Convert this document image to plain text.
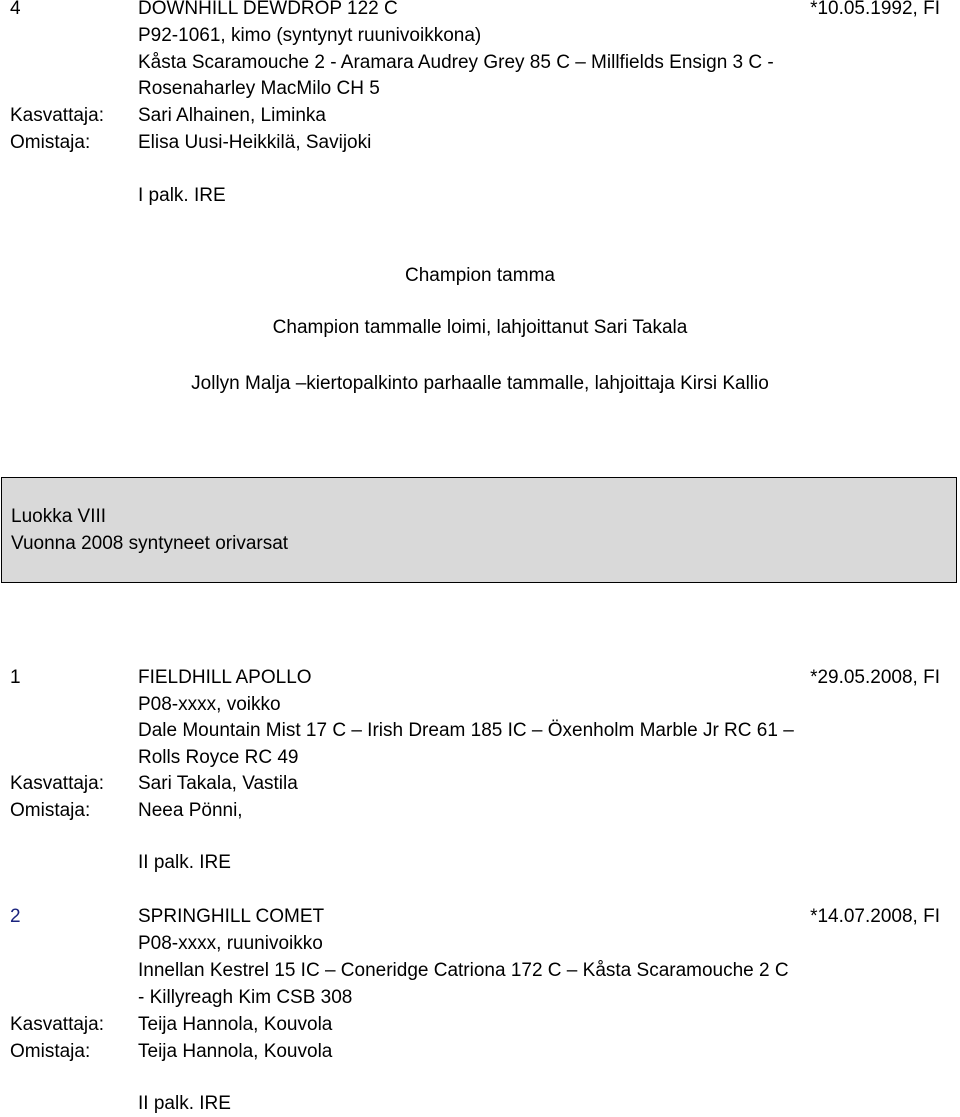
4	DOWNHILL DEWDROP 122 C	*10.05.1992, FI
P92-1061, kimo (syntynyt ruunivoikkona)
Kåsta Scaramouche 2 - Aramara Audrey Grey 85 C – Millfields Ensign 3 C -
Rosenaharley MacMilo CH 5
Kasvattaja: Sari Alhainen, Liminka
Omistaja:	Elisa Uusi-Heikkilä, Savijoki
I palk. IRE
Champion tamma
Champion tammalle loimi, lahjoittanut Sari Takala
Jollyn Malja –kiertopalkinto parhaalle tammalle, lahjoittaja Kirsi Kallio
Luokka VIII
Vuonna 2008 syntyneet orivarsat
1	FIELDHILL APOLLO	*29.05.2008, FI
P08-xxxx, voikko
Dale Mountain Mist 17 C – Irish Dream 185 IC – Öxenholm Marble Jr RC 61 –
Rolls Royce RC 49
Kasvattaja: Sari Takala, Vastila
Omistaja:	Neea Pönni,
II palk. IRE
2	SPRINGHILL COMET	*14.07.2008, FI
P08-xxxx, ruunivoikko
Innellan Kestrel 15 IC – Coneridge Catriona 172 C – Kåsta Scaramouche 2 C
- Killyreagh Kim CSB 308
Kasvattaja: Teija Hannola, Kouvola
Omistaja:	Teija Hannola, Kouvola
II palk. IRE
